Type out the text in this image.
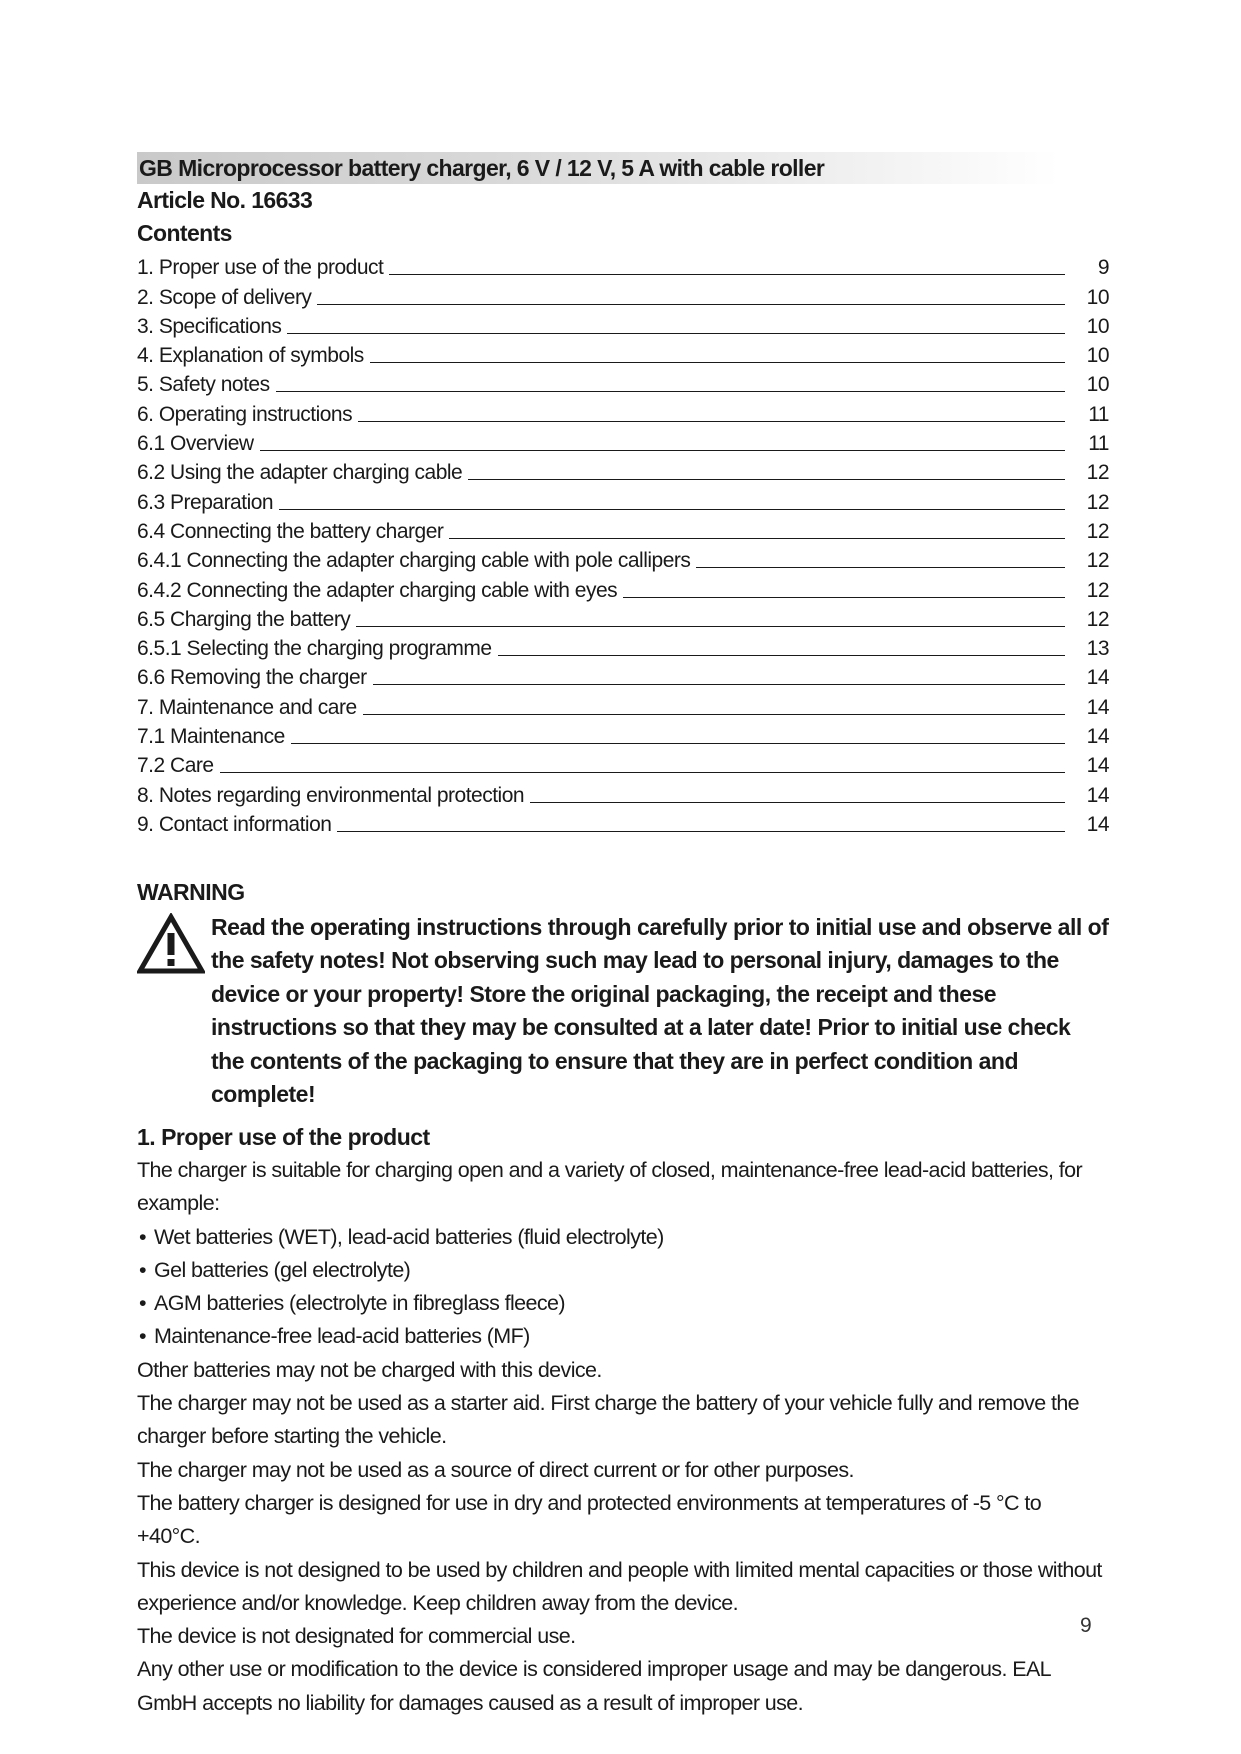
GB Microprocessor battery charger, 6 V / 12 V, 5 A with cable roller
Article No. 16633
Contents
1. Proper use of the product	9
2. Scope of delivery	10
3. Specifications	10
4. Explanation of symbols	10
5. Safety notes	10
6. Operating instructions	11
6.1 Overview	11
6.2 Using the adapter charging cable	12
6.3 Preparation	12
6.4 Connecting the battery charger	12
6.4.1 Connecting the adapter charging cable with pole callipers	12
6.4.2 Connecting the adapter charging cable with eyes	12
6.5 Charging the battery	12
6.5.1 Selecting the charging programme	13
6.6 Removing the charger	14
7. Maintenance and care	14
7.1 Maintenance	14
7.2 Care	14
8. Notes regarding environmental protection	14
9. Contact information	14
WARNING
Read the operating instructions through carefully prior to initial use and observe all of the safety notes! Not observing such may lead to personal injury, damages to the device or your property! Store the original packaging, the receipt and these instructions so that they may be consulted at a later date! Prior to initial use check the contents of the packaging to ensure that they are in perfect condition and complete!
1. Proper use of the product
The charger is suitable for charging open and a variety of closed, maintenance-free lead-acid batteries, for example:
• Wet batteries (WET), lead-acid batteries (fluid electrolyte)
• Gel batteries (gel electrolyte)
• AGM batteries (electrolyte in fibreglass fleece)
• Maintenance-free lead-acid batteries (MF)
Other batteries may not be charged with this device.
The charger may not be used as a starter aid. First charge the battery of your vehicle fully and remove the charger before starting the vehicle.
The charger may not be used as a source of direct current or for other purposes.
The battery charger is designed for use in dry and protected environments at temperatures of -5 °C to +40°C.
This device is not designed to be used by children and people with limited mental capacities or those without experience and/or knowledge. Keep children away from the device.
The device is not designated for commercial use.
Any other use or modification to the device is considered improper usage and may be dangerous. EAL GmbH accepts no liability for damages caused as a result of improper use.
9
